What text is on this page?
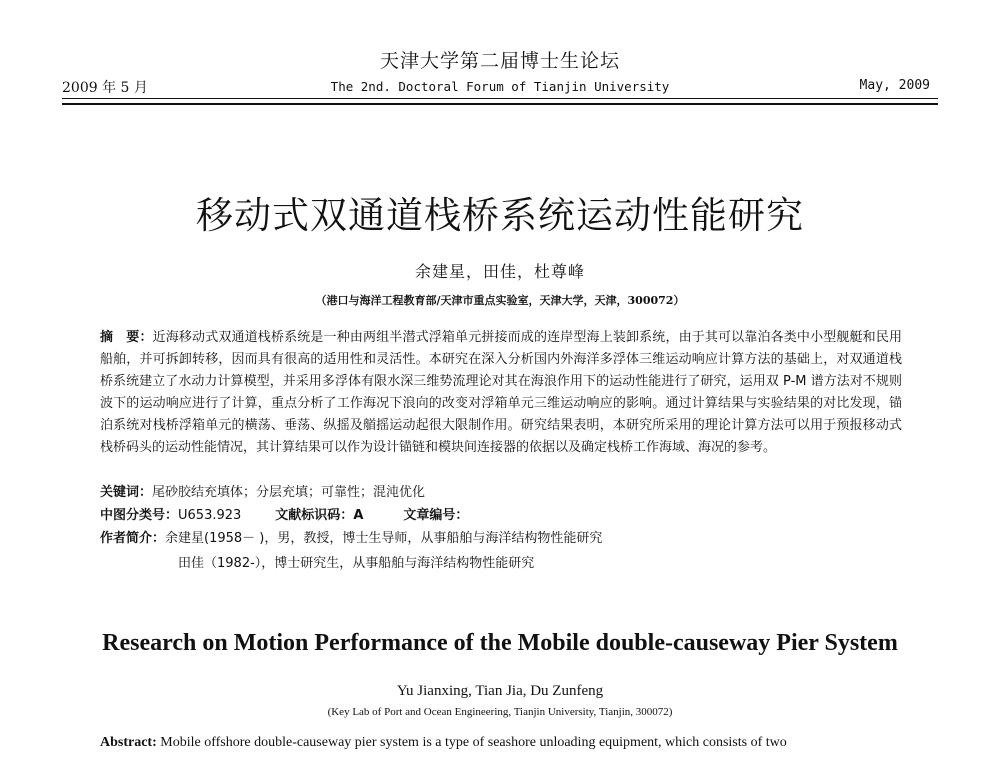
天津大学第二届博士生论坛
2009 年 5 月	The 2nd. Doctoral Forum of Tianjin University	May, 2009
移动式双通道栈桥系统运动性能研究
余建星，田佳，杜尊峰
（港口与海洋工程教育部/天津市重点实验室，天津大学，天津，300072）
摘　要：近海移动式双通道栈桥系统是一种由两组半潜式浮箱单元拼接而成的连岸型海上装卸系统，由于其可以靠泊各类中小型舰艇和民用船舶，并可拆卸转移，因而具有很高的适用性和灵活性。本研究在深入分析国内外海洋多浮体三维运动响应计算方法的基础上，对双通道栈桥系统建立了水动力计算模型，并采用多浮体有限水深三维势流理论对其在海浪作用下的运动性能进行了研究，运用双 P-M 谱方法对不规则波下的运动响应进行了计算，重点分析了工作海况下浪向的改变对浮箱单元三维运动响应的影响。通过计算结果与实验结果的对比发现，锚泊系统对栈桥浮箱单元的横荡、垂荡、纵摇及艏摇运动起很大限制作用。研究结果表明，本研究所采用的理论计算方法可以用于预报移动式栈桥码头的运动性能情况，其计算结果可以作为设计锚链和模块间连接器的依据以及确定栈桥工作海域、海况的参考。
关键词：尾砂胶结充填体；分层充填；可靠性；混沌优化
中图分类号：U653.923	文献标识码：A	文章编号：
作者简介：余建星(1958－ )，男，教授，博士生导师，从事船舶与海洋结构物性能研究
田佳（1982-），博士研究生，从事船舶与海洋结构物性能研究
Research on Motion Performance of the Mobile double-causeway Pier System
Yu Jianxing, Tian Jia, Du Zunfeng
(Key Lab of Port and Ocean Engineering, Tianjin University, Tianjin, 300072)
Abstract: Mobile offshore double-causeway pier system is a type of seashore unloading equipment, which consists of two
